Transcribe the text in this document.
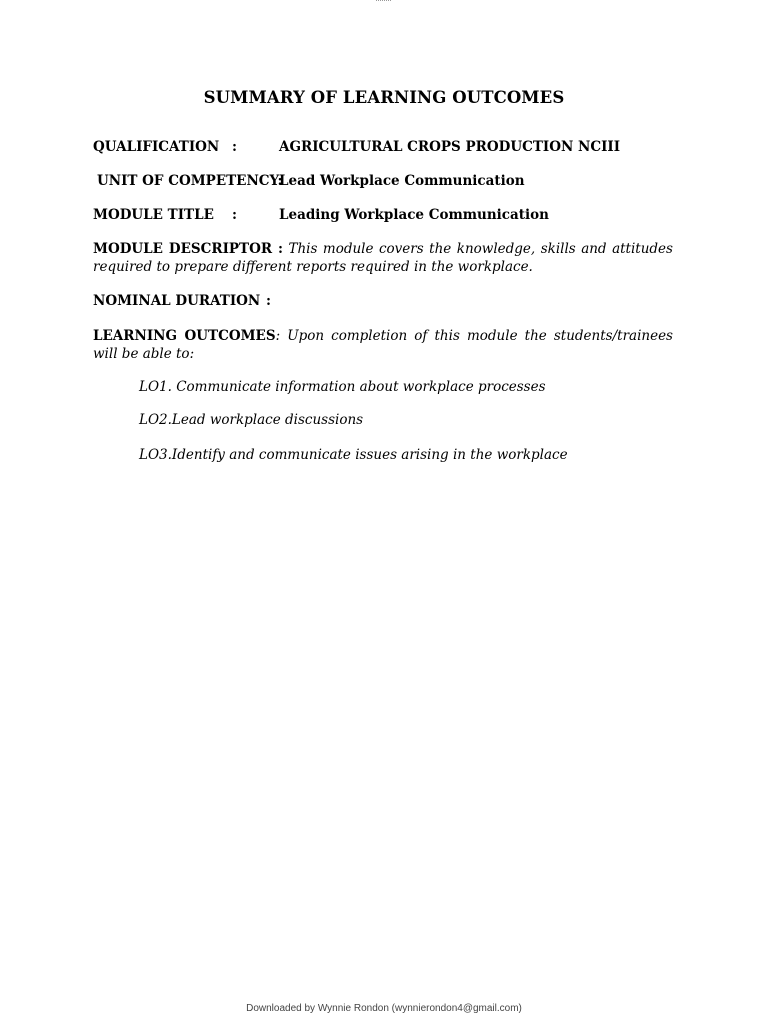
SUMMARY OF LEARNING OUTCOMES
QUALIFICATION :	AGRICULTURAL CROPS PRODUCTION NCIII
UNIT OF COMPETENCY:
Lead Workplace Communication
MODULE TITLE :	Leading Workplace Communication

MODULE DESCRIPTOR : This module covers the knowledge, skills and attitudes required to prepare different reports required in the workplace.

NOMINAL DURATION :

LEARNING OUTCOMES: Upon completion of this module the students/trainees will be able to:

LO1. Communicate information about workplace processes
LO2.Lead workplace discussions
LO3.Identify and communicate issues arising in the workplace
Downloaded by Wynnie Rondon (wynnierondon4@gmail.com)
